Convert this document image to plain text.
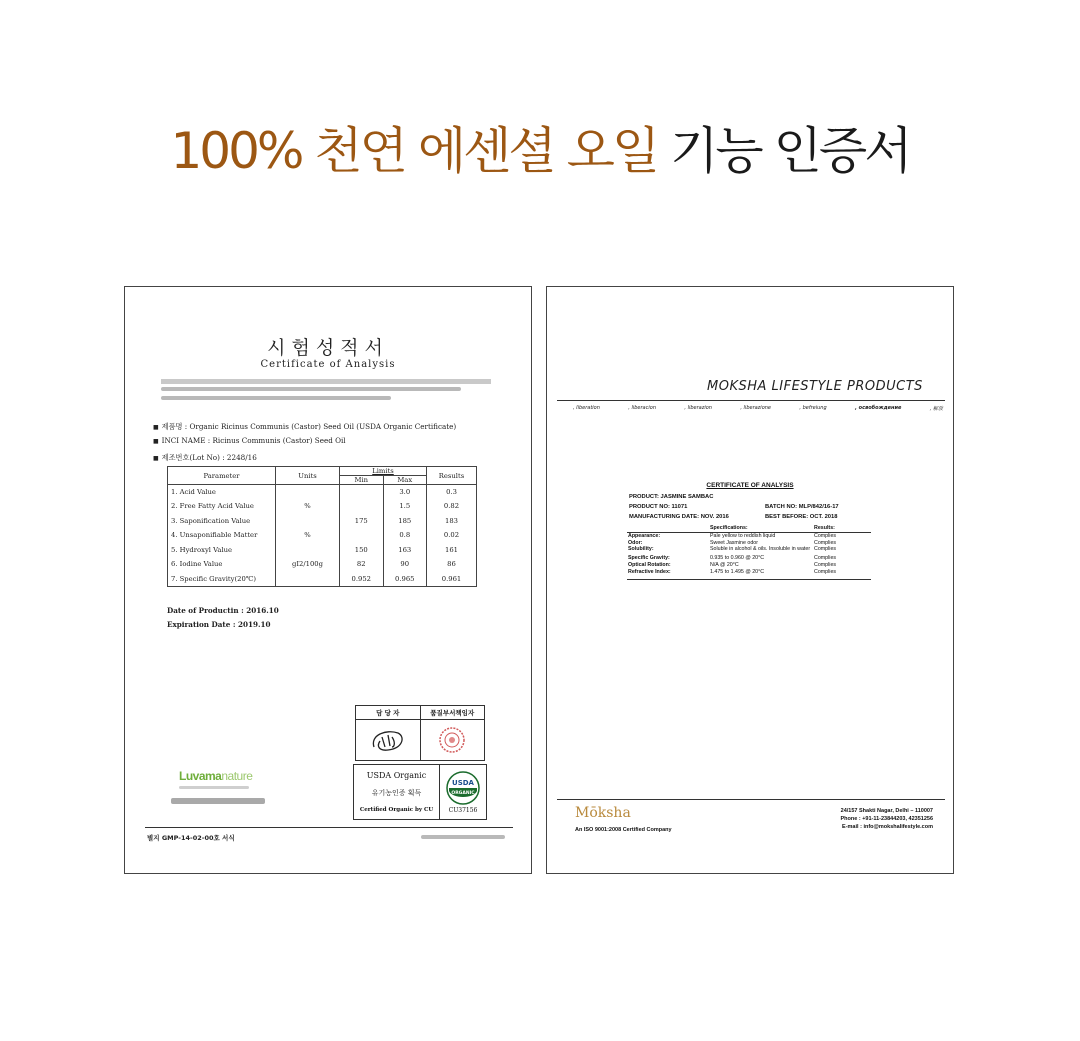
100% 천연 에센셜 오일 기능 인증서
시험성적서
Certificate of Analysis
■ 제품명 : Organic Ricinus Communis (Castor) Seed Oil (USDA Organic Certificate)
■ INCI NAME : Ricinus Communis (Castor) Seed Oil
■ 제조번호(Lot No) : 2248/16
Parameter	Units	Limits		Results
		Min	Max	
1. Acid Value			3.0	0.3
2. Free Fatty Acid Value	%		1.5	0.82
3. Saponification Value		175	185	183
4. Unsaponifiable Matter	%		0.8	0.02
5. Hydroxyl Value		150	163	161
6. Iodine Value	gI2/100g	82	90	86
7. Specific Gravity(20℃)		0.952	0.965	0.961
Date of Productin : 2016.10
Expiration Date : 2019.10
담 당 자	품질부서책임자
USDA Organic
유기농인증 획득
Certified Organic by CU
USDA
ORGANIC
CU37156
Luvamanature
별지 GMP-14-02-00호 서식
MOKSHA LIFESTYLE PRODUCTS
, liberation	, liberacion	, liberazion	, liberazione	, befreiung	, освобождение	, 解放
CERTIFICATE OF ANALYSIS
PRODUCT: JASMINE SAMBAC
PRODUCT NO: 11071	BATCH NO: MLP/842/16-17
MANUFACTURING DATE: NOV. 2016	BEST BEFORE: OCT. 2018
	Specifications:	Results:
Appearance:	Pale yellow to reddish liquid	Complies
Odor:	Sweet Jasmine odor	Complies
Solubility:	Soluble in alcohol & oils. Insoluble in water	Complies
Specific Gravity:	0.935 to 0.960 @ 20°C	Complies
Optical Rotation:	N/A @ 20°C	Complies
Refractive Index:	1.475 to 1.495 @ 20°C	Complies
Mōksha
An ISO 9001:2008 Certified Company
24/157 Shakti Nagar, Delhi – 110007
Phone : +91-11-23844203, 42351256
E-mail : info@mokshalifestyle.com
